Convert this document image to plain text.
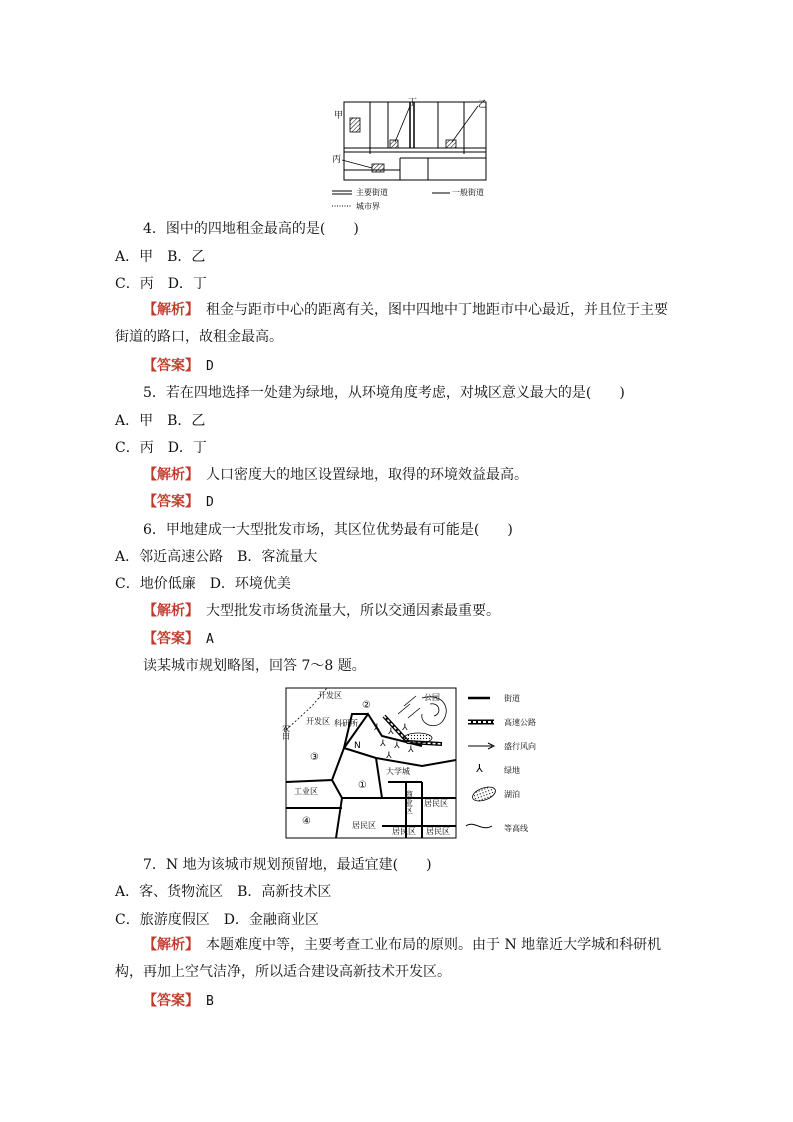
甲
丁	乙
丙
主要街道	一般街道
城市界
4．图中的四地租金最高的是(　　)
A．甲　B．乙
C．丙　D．丁
【解析】　 租金与距市中心的距离有关，图中四地中丁地距市中心最近，并且位于主要街道的路口，故租金最高。
【答案】　 D
5．若在四地选择一处建为绿地，从环境角度考虑，对城区意义最大的是(　　)
A．甲　B．乙
C．丙　D．丁
【解析】　 人口密度大的地区设置绿地，取得的环境效益最高。
【答案】　 D
6．甲地建成一大型批发市场，其区位优势最有可能是(　　)
A．邻近高速公路　B．客流量大
C．地价低廉　D．环境优美
【解析】　 大型批发市场货流量大，所以交通因素最重要。
【答案】　 A
读某城市规划略图，回答 7～8 题。
⅄ ⅄ ⅄
⅄ ⅄ ⅄
⅄
开发区
开发区 科研所
公园
农田
②
③
①
④
N
大学城
商业区
工业区
居民区
居民区
居民区 居民区
街道
高速公路
盛行风向
⅄	绿地
湖泊
等高线
7．N 地为该城市规划预留地，最适宜建(　　)
A．客、货物流区　B．高新技术区
C．旅游度假区　D．金融商业区
【解析】　 本题难度中等，主要考查工业布局的原则。由于 N 地靠近大学城和科研机构，再加上空气洁净，所以适合建设高新技术开发区。
【答案】　 B
